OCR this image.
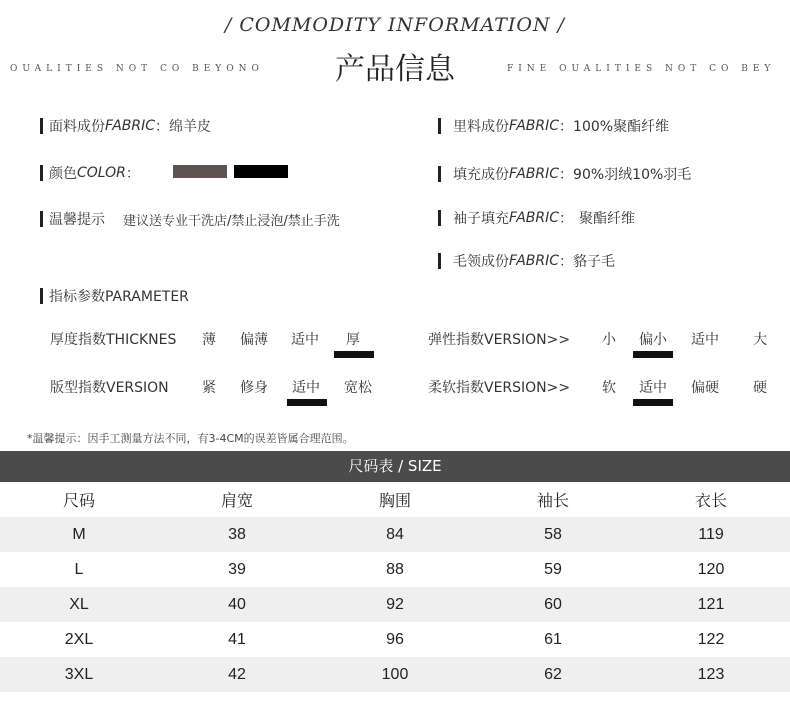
/ COMMODITY INFORMATION /
OUALITIES NOT CO BEYONO	产品信息	FINE OUALITIES NOT CO BEY
面料成份 FABRIC ： 绵羊皮
颜色 COLOR ：
温馨提示 建议送专业干洗店/禁止浸泡/禁止手洗
里料成份 FABRIC ： 100%聚酯纤维
填充成份 FABRIC ： 90%羽绒10%羽毛
袖子填充 FABRIC ： 聚酯纤维
毛领成份 FABRIC ： 貉子毛
指标参数PARAMETER
厚度指数THICKNES	薄	偏薄	适中	厚
版型指数VERSION	紧	修身	适中	宽松
弹性指数VERSION>>	小	偏小	适中	大
柔软指数VERSION>>	软	适中	偏硬	硬
*温馨提示：因手工测量方法不同，有3-4CM的误差皆属合理范围。
尺码表 / SIZE
尺码	肩宽	胸围	袖长	衣长
M	38	84	58	119
L	39	88	59	120
XL	40	92	60	121
2XL	41	96	61	122
3XL	42	100	62	123
